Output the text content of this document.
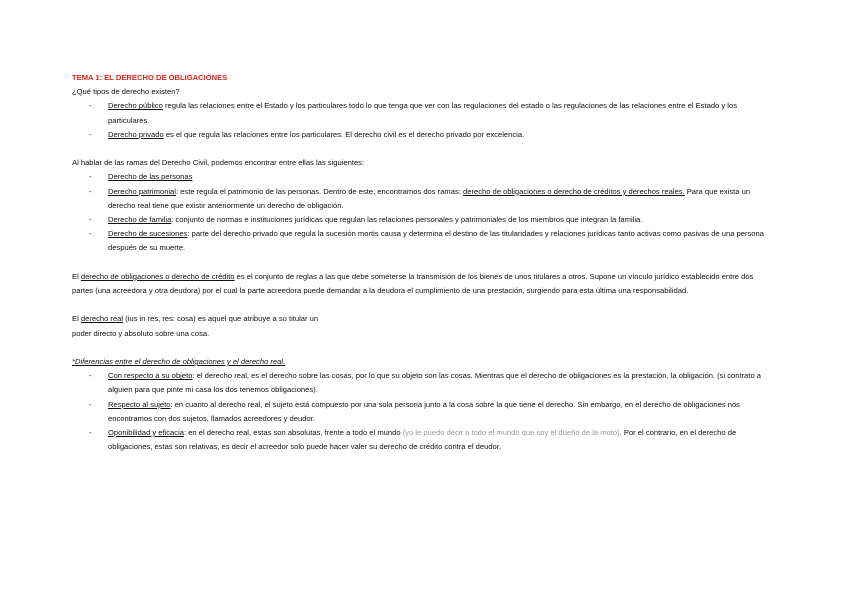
TEMA 1: EL DERECHO DE OBLIGACIONES

¿Qué tipos de derecho existen?

- Derecho público regula las relaciones entre el Estado y los particulares todo lo que tenga que ver con las regulaciones del estado o las regulaciones de las relaciones entre el Estado y los particulares.
- Derecho privado es el que regula las relaciones entre los particulares. El derecho civil es el derecho privado por excelencia.

Al hablar de las ramas del Derecho Civil, podemos encontrar entre ellas las siguientes:

- Derecho de las personas
- Derecho patrimonial: este regula el patrimonio de las personas. Dentro de este, encontramos dos ramas: derecho de obligaciones o derecho de créditos y derechos reales. Para que exista un derecho real tiene que existir anteriormente un derecho de obligación.
- Derecho de familia: conjunto de normas e instituciones jurídicas que regulan las relaciones personales y patrimoniales de los miembros que integran la familia.
- Derecho de sucesiones: parte del derecho privado que regula la sucesión mortis causa y determina el destino de las titularidades y relaciones jurídicas tanto activas como pasivas de una persona después de su muerte.

El derecho de obligaciones o derecho de crédito es el conjunto de reglas a las que debe someterse la transmisión de los bienes de unos titulares a otros. Supone un vínculo jurídico establecido entre dos partes (una acreedora y otra deudora) por el cual la parte acreedora puede demandar a la deudora el cumplimiento de una prestación, surgiendo para esta última una responsabilidad.

El derecho real (ius in res, res: cosa) es aquel que atribuye a su titular un
poder directo y absoluto sobre una cosa.

*Diferencias entre el derecho de obligaciones y el derecho real.

- Con respecto a su objeto: el derecho real, es el derecho sobre las cosas, por lo que su objeto son las cosas. Mientras que el derecho de obligaciones es la prestación, la obligación. (si contrato a alguien para que pinte mi casa los dos tenemos obligaciones).
- Respecto al sujeto: en cuanto al derecho real, el sujeto está compuesto por una sola persona junto a la cosa sobre la que tiene el derecho. Sin embargo, en el derecho de obligaciones nos encontramos con dos sujetos, llamados acreedores y deudor.
- Oponibilidad y eficacia: en el derecho real, estas son absolutas, frente a todo el mundo (yo le puedo decir a todo el mundo que soy el dueño de la moto). Por el contrario, en el derecho de obligaciones, estas son relativas, es decir el acreedor solo puede hacer valer su derecho de crédito contra el deudor.
